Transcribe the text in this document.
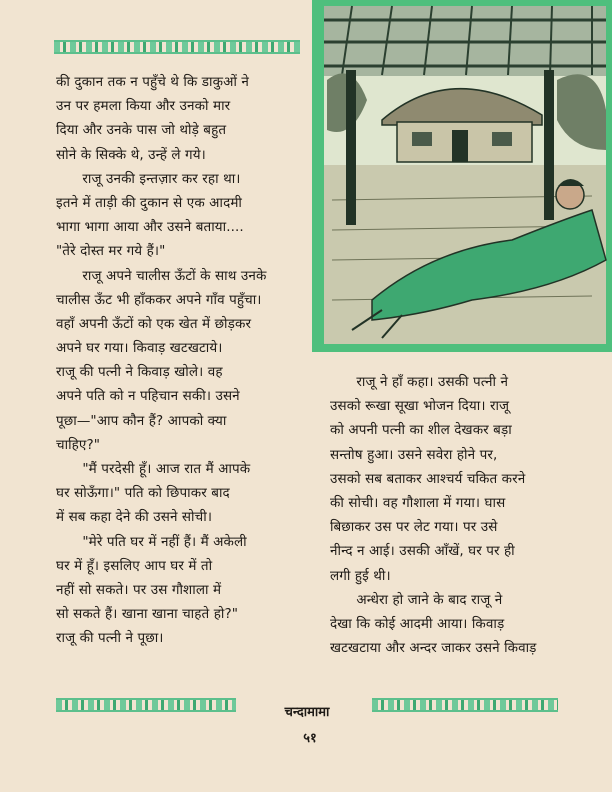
की दुकान तक न पहुँचे थे कि डाकुओं ने
उन पर हमला किया और उनको मार
दिया और उनके पास जो थोड़े बहुत
सोने के सिक्के थे, उन्हें ले गये।
राजू उनकी इन्तज़ार कर रहा था।
इतने में ताड़ी की दुकान से एक आदमी
भागा भागा आया और उसने बताया....
"तेरे दोस्त मर गये हैं।"
राजू अपने चालीस ऊँटों के साथ उनके
चालीस ऊँट भी हाँककर अपने गाँव पहुँचा।
वहाँ अपनी ऊँटों को एक खेत में छोड़कर
अपने घर गया। किवाड़ खटखटाये।
राजू की पत्नी ने किवाड़ खोले। वह
अपने पति को न पहिचान सकी। उसने
पूछा—"आप कौन हैं? आपको क्या
चाहिए?"
"मैं परदेसी हूँ। आज रात मैं आपके
घर सोऊँगा।" पति को छिपाकर बाद
में सब कहा देने की उसने सोची।
"मेरे पति घर में नहीं हैं। मैं अकेली
घर में हूँ। इसलिए आप घर में तो
नहीं सो सकते। पर उस गौशाला में
सो सकते हैं। खाना खाना चाहते हो?"
राजू की पत्नी ने पूछा।
राजू ने हाँ कहा। उसकी पत्नी ने
उसको रूखा सूखा भोजन दिया। राजू
को अपनी पत्नी का शील देखकर बड़ा
सन्तोष हुआ। उसने सवेरा होने पर,
उसको सब बताकर आश्चर्य चकित करने
की सोची। वह गौशाला में गया। घास
बिछाकर उस पर लेट गया। पर उसे
नीन्द न आई। उसकी आँखें, घर पर ही
लगी हुई थी।
अन्धेरा हो जाने के बाद राजू ने
देखा कि कोई आदमी आया। किवाड़
खटखटाया और अन्दर जाकर उसने किवाड़
चन्दामामा
५१
